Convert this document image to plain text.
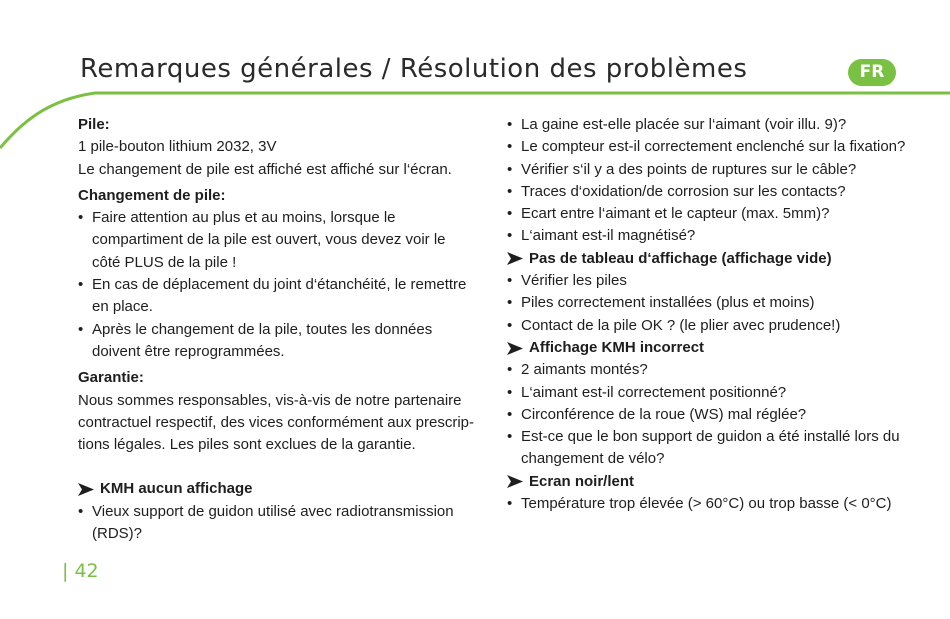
Remarques générales / Résolution des problèmes	FR

Pile:

1 pile-bouton lithium 2032, 3V

Le changement de pile est affiché est affiché sur l‘écran.

Changement de pile:

• Faire attention au plus et au moins, lorsque le compartiment de la pile est ouvert, vous devez voir le côté PLUS de la pile !
• En cas de déplacement du joint d‘étanchéité, le remettre en place.
• Après le changement de la pile, toutes les données doivent être reprogrammées.

Garantie:

Nous sommes responsables, vis-à-vis de notre partenaire

contractuel respectif, des vices conformément aux prescrip-

tions légales. Les piles sont exclues de la garantie.

KMH aucun affichage
• Vieux support de guidon utilisé avec radiotransmission (RDS)?
• La gaine est-elle placée sur l‘aimant (voir illu. 9)?
• Le compteur est-il correctement enclenché sur la fixation?
• Vérifier s‘il y a des points de ruptures sur le câble?
• Traces d‘oxidation/de corrosion sur les contacts?
• Ecart entre l‘aimant et le capteur (max. 5mm)?
• L‘aimant est-il magnétisé?
Pas de tableau d‘affichage (affichage vide)
• Vérifier les piles
• Piles correctement installées (plus et moins)
• Contact de la pile OK ? (le plier avec prudence!)
Affichage KMH incorrect
• 2 aimants montés?
• L‘aimant est-il correctement positionné?
• Circonférence de la roue (WS) mal réglée?
• Est-ce que le bon support de guidon a été installé lors du changement de vélo?
Ecran noir/lent
• Température trop élevée (> 60°C) ou trop basse (< 0°C)
| 42
